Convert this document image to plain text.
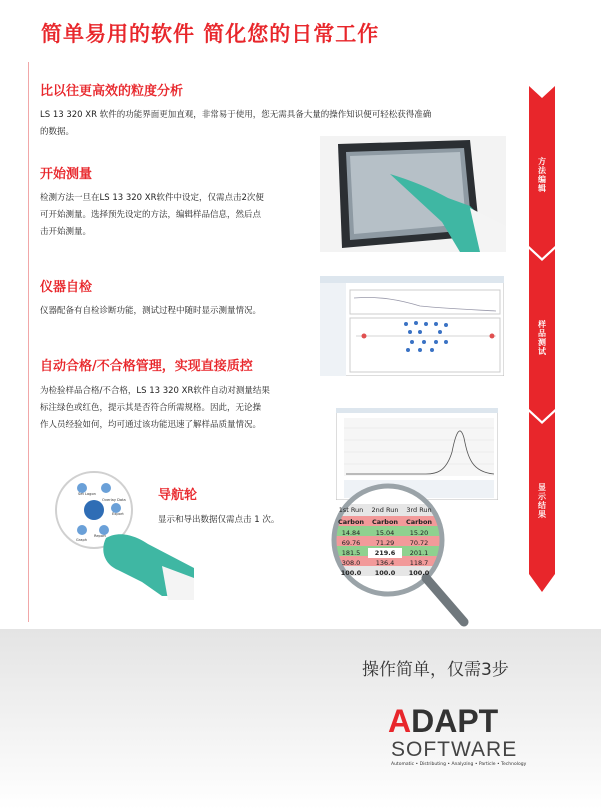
简单易用的软件 简化您的日常工作
比以往更高效的粒度分析
LS 13 320 XR 软件的功能界面更加直观，非常易于使用，您无需具备大量的操作知识便可轻松获得准确
的数据。
开始测量
检测方法一旦在LS 13 320 XR软件中设定，仅需点击2次便
可开始测量。选择预先设定的方法，编辑样品信息，然后点
击开始测量。
仪器自检
仪器配备有自检诊断功能，测试过程中随时显示测量情况。
自动合格/不合格管理，实现直接质控
为检验样品合格/不合格，LS 13 320 XR软件自动对测量结果
标注绿色或红色，提示其是否符合所需规格。因此，无论操
作人员经验如何，均可通过该功能迅速了解样品质量情况。
导航轮
显示和导出数据仅需点击 1 次。
方法编辑
样品测试
显示结果
1st Run	2nd Run	3rd Run
Carbon	Carbon	Carbon
14.84	15.04	15.20
69.76	71.29	70.72
181.5	219.6	201.1
308.0	136.4	118.7
100.0	100.0	100.0
Set Logon
Overlay Data
Export
Report
Graph
操作简单，仅需3步
ADAPT
SOFTWARE
Automatic • Distributing • Analyzing • Particle • Technology
